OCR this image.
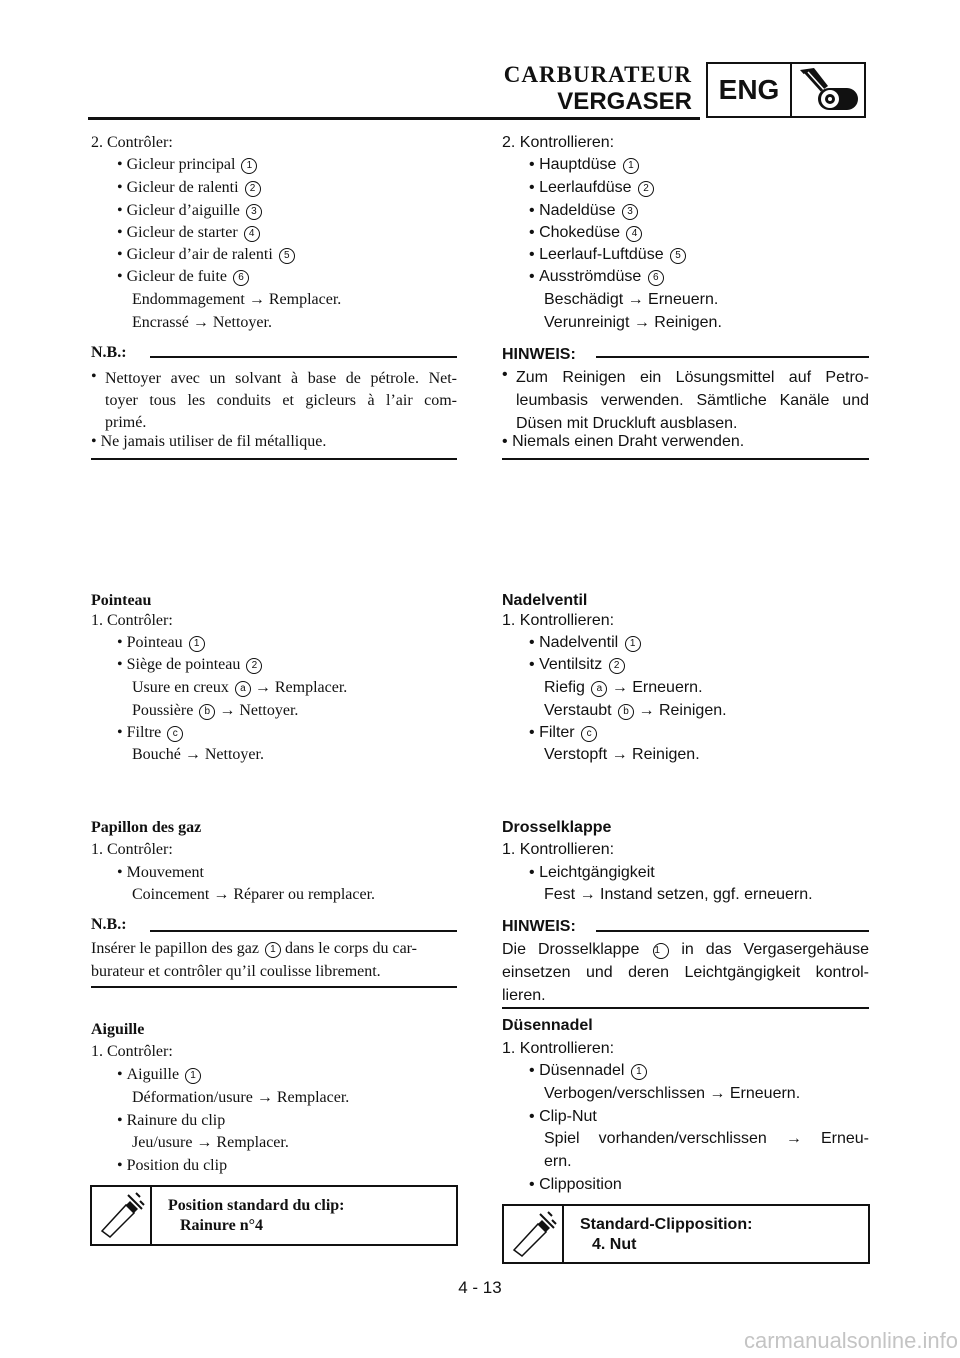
CARBURATEUR
VERGASER ENG
2. Contrôler:
• Gicleur principal 1
• Gicleur de ralenti 2
• Gicleur d’aiguille 3
• Gicleur de starter 4
• Gicleur d’air de ralenti 5
• Gicleur de fuite 6
Endommagement → Remplacer.
Encrassé → Nettoyer.
N.B.:
• Nettoyer avec un solvant à base de pétrole. Net-
toyer tous les conduits et gicleurs à l’air com-
primé.
• Ne jamais utiliser de fil métallique.
Pointeau
1. Contrôler:
• Pointeau 1
• Siège de pointeau 2
Usure en creux a → Remplacer.
Poussière b → Nettoyer.
• Filtre c
Bouché → Nettoyer.
Papillon des gaz
1. Contrôler:
• Mouvement
Coincement → Réparer ou remplacer.
N.B.:
Insérer le papillon des gaz 1 dans le corps du car-
burateur et contrôler qu’il coulisse librement.
Aiguille
1. Contrôler:
• Aiguille 1
Déformation/usure → Remplacer.
• Rainure du clip
Jeu/usure → Remplacer.
• Position du clip
Position standard du clip:
Rainure n°4
2. Kontrollieren:
• Hauptdüse 1
• Leerlaufdüse 2
• Nadeldüse 3
• Chokedüse 4
• Leerlauf-Luftdüse 5
• Ausströmdüse 6
Beschädigt → Erneuern.
Verunreinigt → Reinigen.
HINWEIS:
• Zum Reinigen ein Lösungsmittel auf Petro-
leumbasis verwenden. Sämtliche Kanäle und
Düsen mit Druckluft ausblasen.
• Niemals einen Draht verwenden.
Nadelventil
1. Kontrollieren:
• Nadelventil 1
• Ventilsitz 2
Riefig a → Erneuern.
Verstaubt b → Reinigen.
• Filter c
Verstopft → Reinigen.
Drosselklappe
1. Kontrollieren:
• Leichtgängigkeit
Fest → Instand setzen, ggf. erneuern.
HINWEIS:
Die Drosselklappe 1 in das Vergasergehäuse
einsetzen und deren Leichtgängigkeit kontrol-
lieren.
Düsennadel
1. Kontrollieren:
• Düsennadel 1
Verbogen/verschlissen → Erneuern.
• Clip-Nut
Spiel vorhanden/verschlissen → Erneu-
ern.
• Clipposition
Standard-Clipposition:
4. Nut
4 - 13
carmanualsonline.info
